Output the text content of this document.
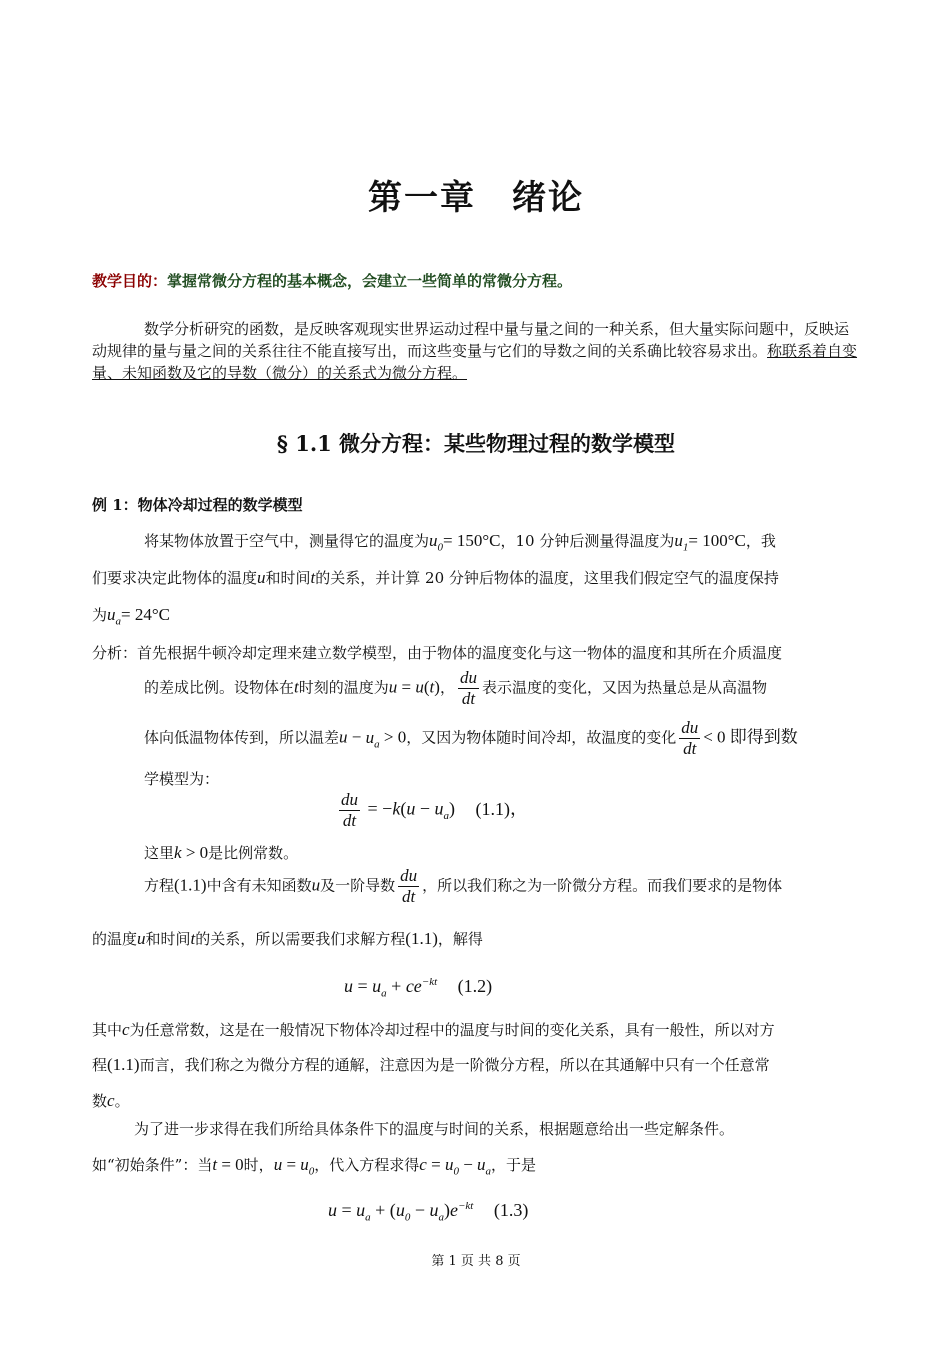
第一章 绪论
教学目的：掌握常微分方程的基本概念，会建立一些简单的常微分方程。
数学分析研究的函数，是反映客观现实世界运动过程中量与量之间的一种关系，但大量实际问题中，反映运动规律的量与量之间的关系往往不能直接写出，而这些变量与它们的导数之间的关系确比较容易求出。称联系着自变量、未知函数及它的导数（微分）的关系式为微分方程。
§ 1.1 微分方程：某些物理过程的数学模型
例 1：物体冷却过程的数学模型
将某物体放置于空气中，测量得它的温度为$u_0= 150^\circ C$，10 分钟后测量得温度为$u_1= 100^\circ C$，我
们要求决定此物体的温度u和时间t的关系，并计算 20 分钟后物体的温度，这里我们假定空气的温度保持
为$u_a= 24^\circ C$
分析：首先根据牛顿冷却定理来建立数学模型，由于物体的温度变化与这一物体的温度和其所在介质温度
的差成比例。设物体在t时刻的温度为u = u(t)， $\frac{du}{dt}$ 表示温度的变化，又因为热量总是从高温物
体向低温物体传到，所以温差$u - u_a > 0$，又因为物体随时间冷却，故温度的变化 $\frac{du}{dt} < 0$ 即得到数
学模型为：
$\frac{du}{dt} = -k(u - u_a)$ (1.1)，
这里k > 0是比例常数。
方程(1.1)中含有未知函数u及一阶导数 $\frac{du}{dt}$ ，所以我们称之为一阶微分方程。而我们要求的是物体
的温度u和时间t的关系，所以需要我们求解方程(1.1)，解得
$u = u_a + ce^{-kt}$ (1.2)
其中c为任意常数，这是在一般情况下物体冷却过程中的温度与时间的变化关系，具有一般性，所以对方
程(1.1)而言，我们称之为微分方程的通解，注意因为是一阶微分方程，所以在其通解中只有一个任意常
数c。
为了进一步求得在我们所给具体条件下的温度与时间的关系，根据题意给出一些定解条件。
如“初始条件”：当t = 0时，$u = u_0$，代入方程求得$c = u_0 - u_a$，于是
$u = u_a + (u_0 - u_a)e^{-kt}$ (1.3)
第 1 页 共 8 页
